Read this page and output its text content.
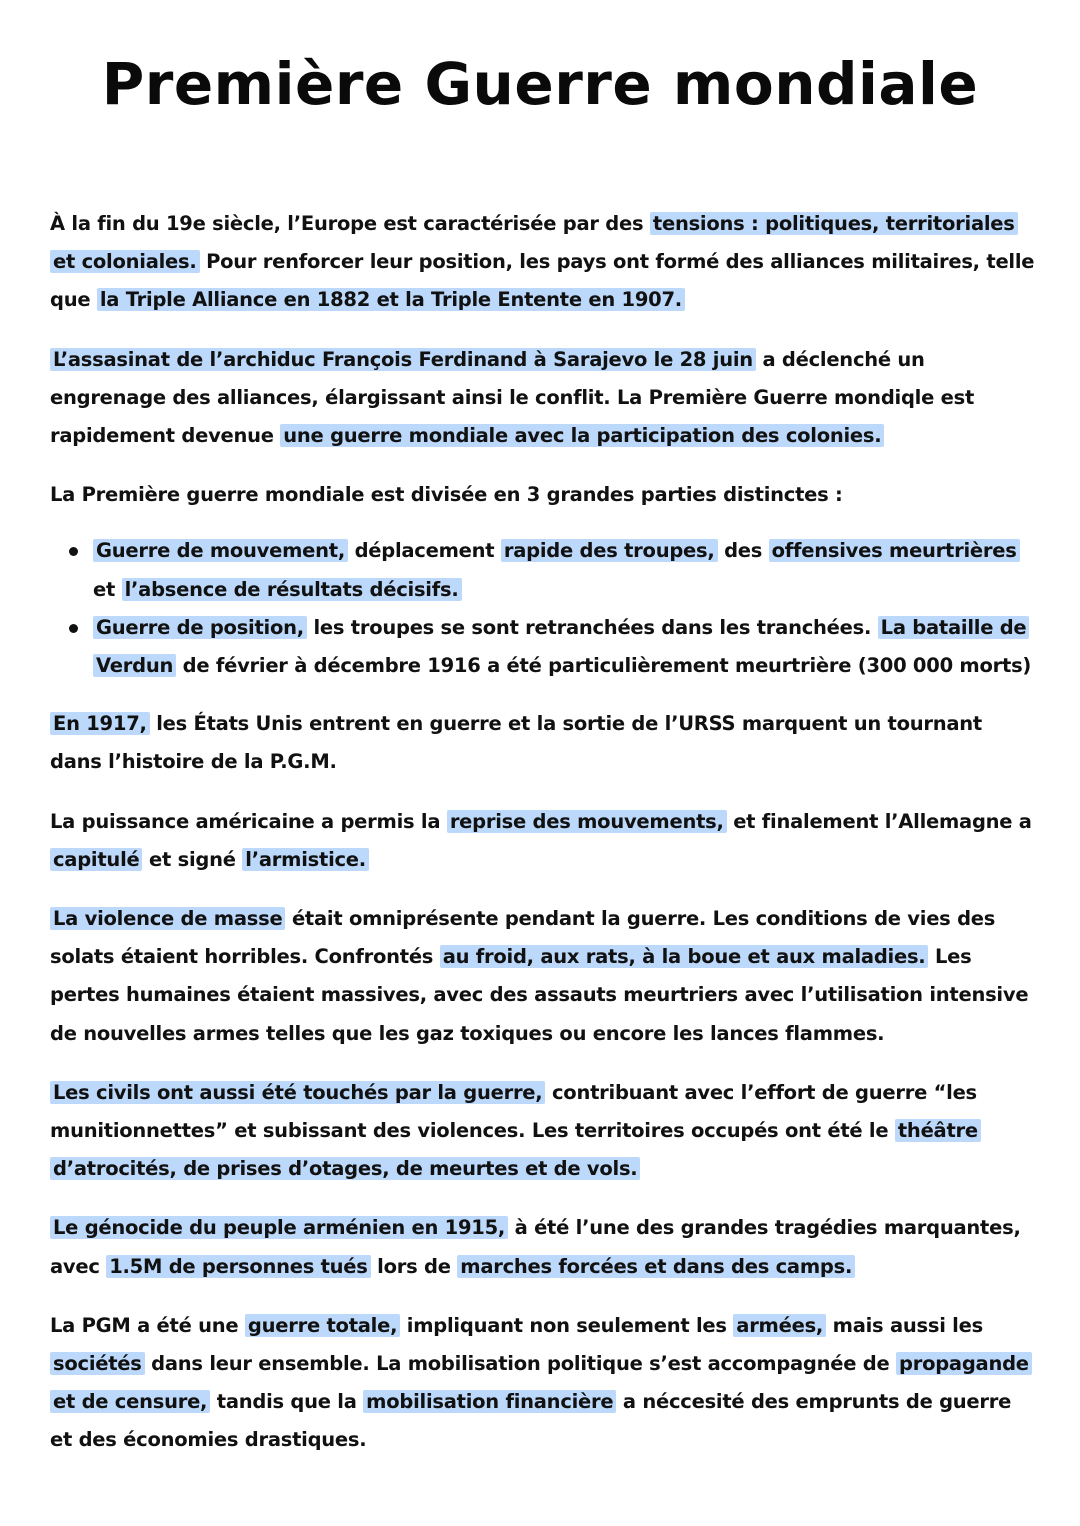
Première Guerre mondiale

À la fin du 19e siècle, l’Europe est caractérisée par des tensions : politiques, territoriales et coloniales. Pour renforcer leur position, les pays ont formé des alliances militaires, telle que la Triple Alliance en 1882 et la Triple Entente en 1907.

L’assasinat de l’archiduc François Ferdinand à Sarajevo le 28 juin a déclenché un engrenage des alliances, élargissant ainsi le conflit. La Première Guerre mondiqle est rapidement devenue une guerre mondiale avec la participation des colonies.

La Première guerre mondiale est divisée en 3 grandes parties distinctes :

Guerre de mouvement, déplacement rapide des troupes, des offensives meurtrières et l’absence de résultats décisifs.
Guerre de position, les troupes se sont retranchées dans les tranchées. La bataille de Verdun de février à décembre 1916 a été particulièrement meurtrière (300 000 morts)

En 1917, les États Unis entrent en guerre et la sortie de l’URSS marquent un tournant dans l’histoire de la P.G.M.

La puissance américaine a permis la reprise des mouvements, et finalement l’Allemagne a capitulé et signé l’armistice.

La violence de masse était omniprésente pendant la guerre. Les conditions de vies des solats étaient horribles. Confrontés au froid, aux rats, à la boue et aux maladies. Les pertes humaines étaient massives, avec des assauts meurtriers avec l’utilisation intensive de nouvelles armes telles que les gaz toxiques ou encore les lances flammes.

Les civils ont aussi été touchés par la guerre, contribuant avec l’effort de guerre “les munitionnettes” et subissant des violences. Les territoires occupés ont été le théâtre d’atrocités, de prises d’otages, de meurtes et de vols.

Le génocide du peuple arménien en 1915, à été l’une des grandes tragédies marquantes, avec 1.5M de personnes tués lors de marches forcées et dans des camps.

La PGM a été une guerre totale, impliquant non seulement les armées, mais aussi les sociétés dans leur ensemble. La mobilisation politique s’est accompagnée de propagande et de censure, tandis que la mobilisation financière a néccesité des emprunts de guerre et des économies drastiques.
